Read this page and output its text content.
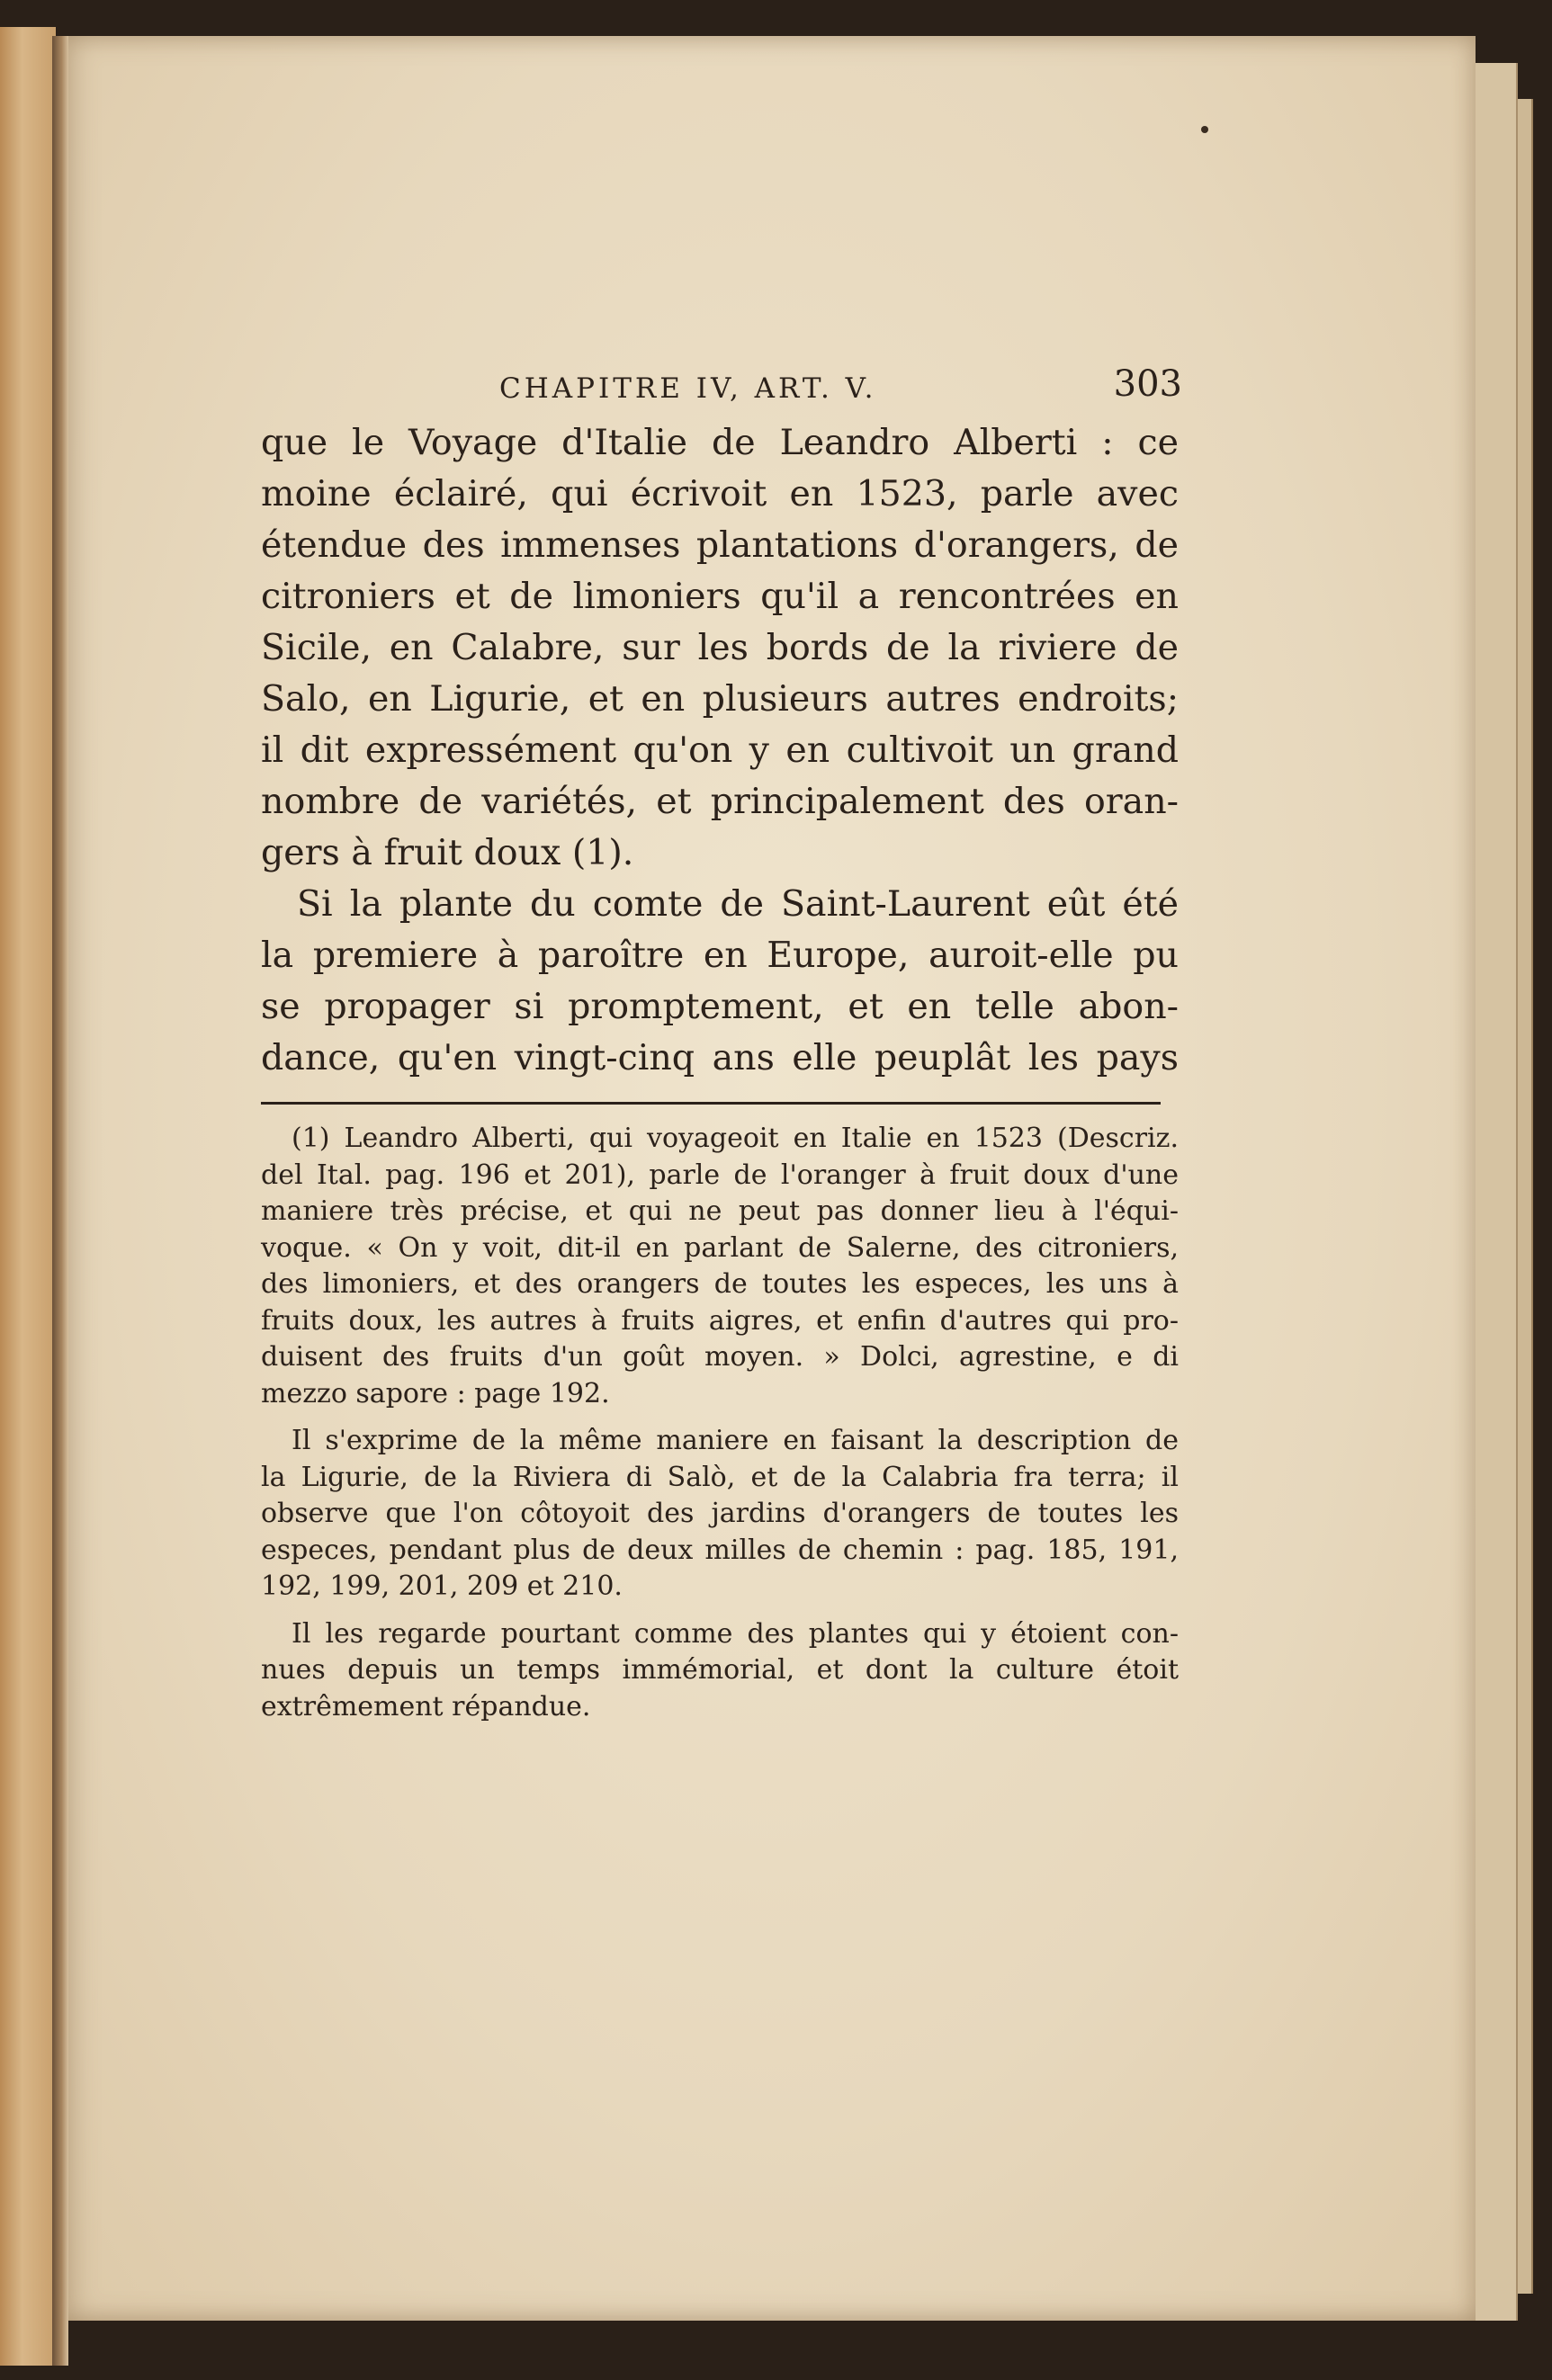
CHAPITRE IV, ART. V.	303
que le Voyage d'Italie de Leandro Alberti : ce
moine éclairé, qui écrivoit en 1523, parle avec
étendue des immenses plantations d'orangers, de
citroniers et de limoniers qu'il a rencontrées en
Sicile, en Calabre, sur les bords de la riviere de
Salo, en Ligurie, et en plusieurs autres endroits;
il dit expressément qu'on y en cultivoit un grand
nombre de variétés, et principalement des oran-
gers à fruit doux (1).
Si la plante du comte de Saint-Laurent eût été
la premiere à paroître en Europe, auroit-elle pu
se propager si promptement, et en telle abon-
dance, qu'en vingt-cinq ans elle peuplât les pays
(1) Leandro Alberti, qui voyageoit en Italie en 1523 (Descriz.
del Ital. pag. 196 et 201), parle de l'oranger à fruit doux d'une
maniere très précise, et qui ne peut pas donner lieu à l'équi-
voque. « On y voit, dit-il en parlant de Salerne, des citroniers,
des limoniers, et des orangers de toutes les especes, les uns à
fruits doux, les autres à fruits aigres, et enfin d'autres qui pro-
duisent des fruits d'un goût moyen. » Dolci, agrestine, e di
mezzo sapore : page 192.
Il s'exprime de la même maniere en faisant la description de
la Ligurie, de la Riviera di Salò, et de la Calabria fra terra; il
observe que l'on côtoyoit des jardins d'orangers de toutes les
especes, pendant plus de deux milles de chemin : pag. 185, 191,
192, 199, 201, 209 et 210.
Il les regarde pourtant comme des plantes qui y étoient con-
nues depuis un temps immémorial, et dont la culture étoit
extrêmement répandue.
